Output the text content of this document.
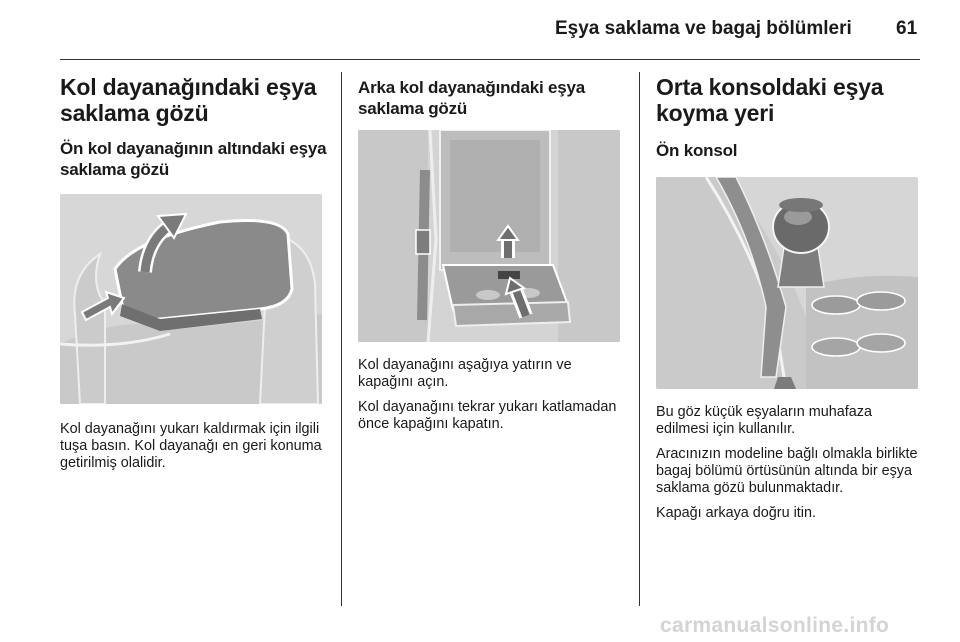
Eşya saklama ve bagaj bölümleri 61
Kol dayanağındaki eşya saklama gözü
Ön kol dayanağının altındaki eşya saklama gözü

Kol dayanağını yukarı kaldırmak için ilgili tuşa basın. Kol dayanağı en geri konuma getirilmiş olalidir.

Arka kol dayanağındaki eşya saklama gözü

Kol dayanağını aşağıya yatırın ve kapağını açın.

Kol dayanağını tekrar yukarı katlamadan önce kapağını kapatın.

Orta konsoldaki eşya koyma yeri
Ön konsol

Bu göz küçük eşyaların muhafaza edilmesi için kullanılır.

Aracınızın modeline bağlı olmakla birlikte bagaj bölümü örtüsünün altında bir eşya saklama gözü bulunmaktadır.

Kapağı arkaya doğru itin.

carmanualsonline.info
